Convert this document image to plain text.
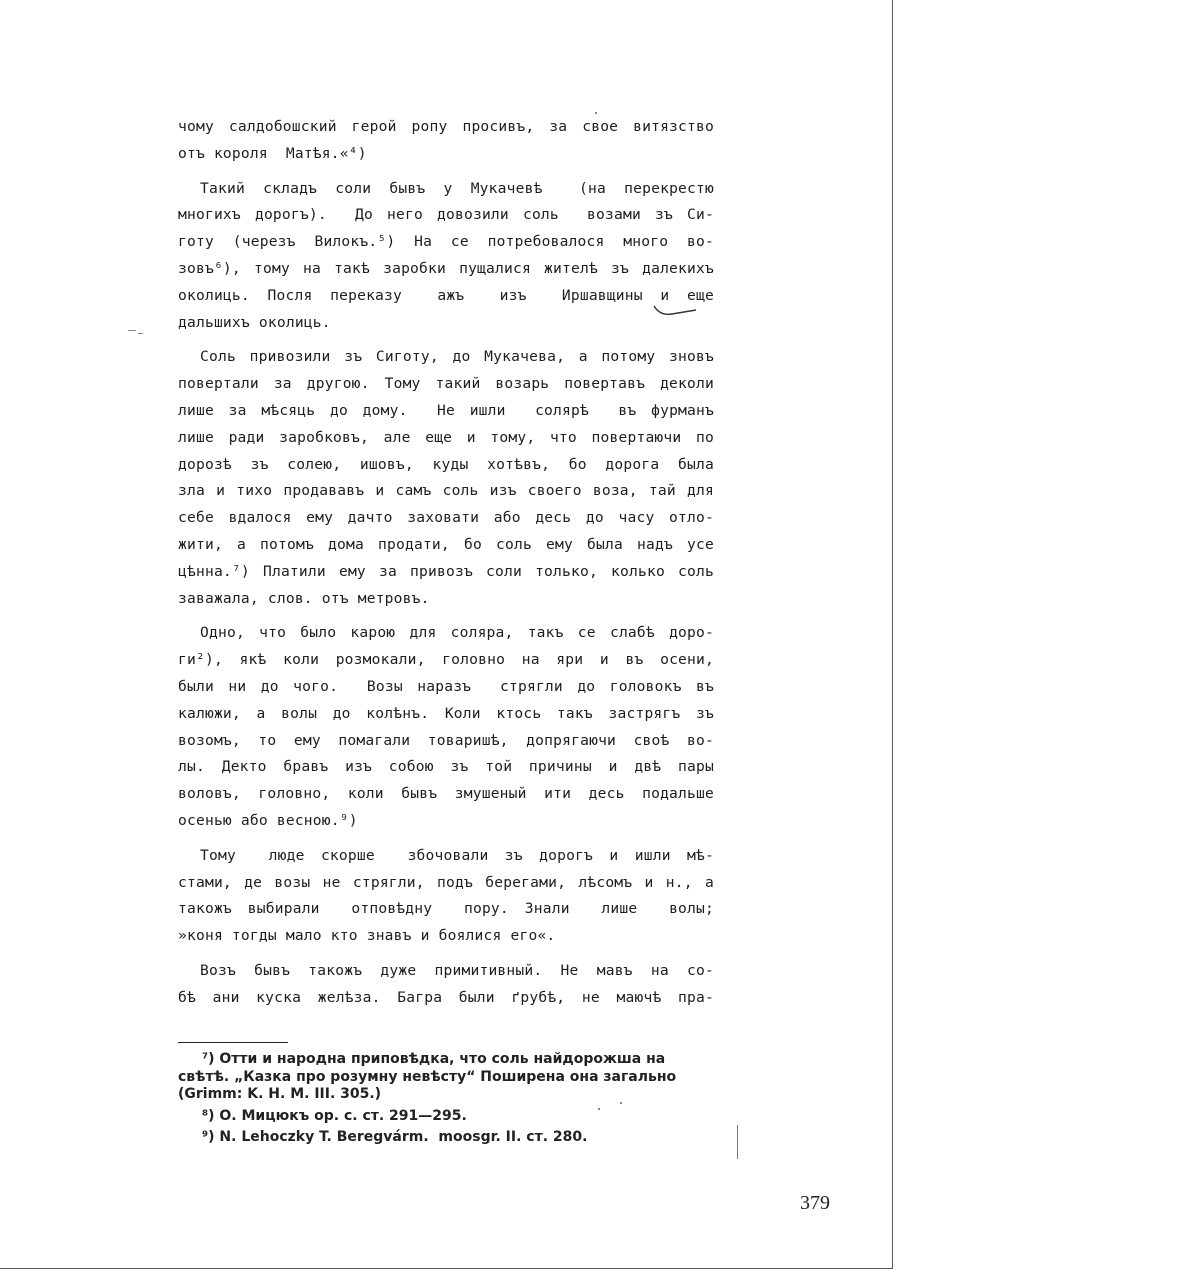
чому салдобошский герой ропу просивъ, за свое витязство
отъ короля  Матѣя.«⁴)
Такий складъ соли бывъ у Мукачевѣ  (на перекрестю
многихъ дорогъ).  До него довозили соль  возами зъ Си-
готу (черезъ Вилокъ.⁵) На се потребовалося много во-
зовъ⁶), тому на такѣ заробки пущалися жителѣ зъ далекихъ
околиць. Посля переказу  ажъ  изъ  Иршавщины и еще
дальшихъ околиць.
Соль привозили зъ Сиготу, до Мукачева, а потому зновъ
повертали за другою. Тому такий возарь повертавъ деколи
лише за мѣсяць до дому.  Не ишли  солярѣ  въ фурманъ
лише ради заробковъ, але еще и тому, что повертаючи по
дорозѣ зъ солею, ишовъ, куды хотѣвъ, бо дорога была
зла и тихо продававъ и самъ соль изъ своего воза, тай для
себе вдалося ему дачто заховати або десь до часу отло-
жити, а потомъ дома продати, бо соль ему была надъ усе
цѣнна.⁷) Платили ему за привозъ соли только, колько соль
заважала, слов. отъ метровъ.
Одно, что было карою для соляра, такъ се слабѣ доро-
ги²), якѣ коли розмокали, головно на яри и въ осени,
были ни до чого.  Возы наразъ  стрягли до головокъ въ
калюжи, а волы до колѣнъ. Коли ктось такъ застрягъ зъ
возомъ, то ему помагали товаришѣ, допрягаючи своѣ во-
лы. Декто бравъ изъ собою зъ той причины и двѣ пары
воловъ, головно, коли бывъ змушеный ити десь подальше
осенью або весною.⁹)
Тому  люде скорше  збочовали зъ дорогъ и ишли мѣ-
стами, де возы не стрягли, подъ берегами, лѣсомъ и н., а
такожъ выбирали  отповѣдну  пору. Знали  лише  волы;
»коня тогды мало кто знавъ и боялися его«.
Возъ бывъ такожъ дуже примитивный. Не мавъ на со-
бѣ ани куска желѣза. Багра были ґрубѣ, не маючѣ пра-
⁷) Отти и народна приповѣдка, что соль найдорожша на
свѣтѣ. „Казка про розумну невѣсту“ Поширена она загально
(Grimm: K. H. M. III. 305.)
⁸) О. Мицюкъ ор. с. ст. 291—295.
⁹) N. Lehoczky T. Beregvárm.  moosgr. II. ст. 280.
379
